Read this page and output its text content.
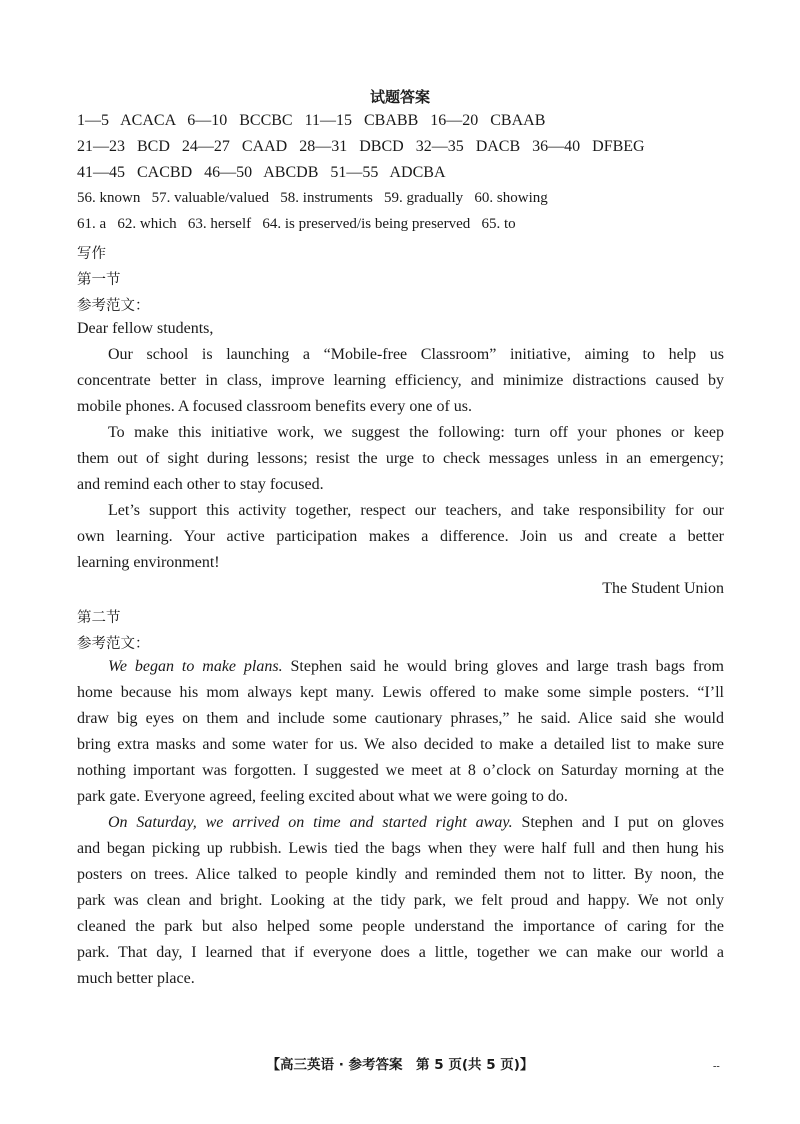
试题答案
1—5   ACACA   6—10   BCCBC   11—15   CBABB   16—20   CBAAB
21—23   BCD   24—27   CAAD   28—31   DBCD   32—35   DACB   36—40   DFBEG
41—45   CACBD   46—50   ABCDB   51—55   ADCBA
56. known   57. valuable/valued   58. instruments   59. gradually   60. showing
61. a   62. which   63. herself   64. is preserved/is being preserved   65. to
写作
第一节
参考范文：
Dear fellow students,
Our school is launching a “Mobile-free Classroom” initiative, aiming to help us
concentrate better in class, improve learning efficiency, and minimize distractions caused by
mobile phones. A focused classroom benefits every one of us.
To make this initiative work, we suggest the following: turn off your phones or keep
them out of sight during lessons; resist the urge to check messages unless in an emergency;
and remind each other to stay focused.
Let’s support this activity together, respect our teachers, and take responsibility for our
own learning. Your active participation makes a difference. Join us and create a better
learning environment!
The Student Union
第二节
参考范文：
We began to make plans. Stephen said he would bring gloves and large trash bags from
home because his mom always kept many. Lewis offered to make some simple posters. “I’ll
draw big eyes on them and include some cautionary phrases,” he said. Alice said she would
bring extra masks and some water for us. We also decided to make a detailed list to make sure
nothing important was forgotten. I suggested we meet at 8 o’clock on Saturday morning at the
park gate. Everyone agreed, feeling excited about what we were going to do.
On Saturday, we arrived on time and started right away. Stephen and I put on gloves
and began picking up rubbish. Lewis tied the bags when they were half full and then hung his
posters on trees. Alice talked to people kindly and reminded them not to litter. By noon, the
park was clean and bright. Looking at the tidy park, we felt proud and happy. We not only
cleaned the park but also helped some people understand the importance of caring for the
park. That day, I learned that if everyone does a little, together we can make our world a
much better place.
【高三英语 · 参考答案　第 5 页(共 5 页)】	--
